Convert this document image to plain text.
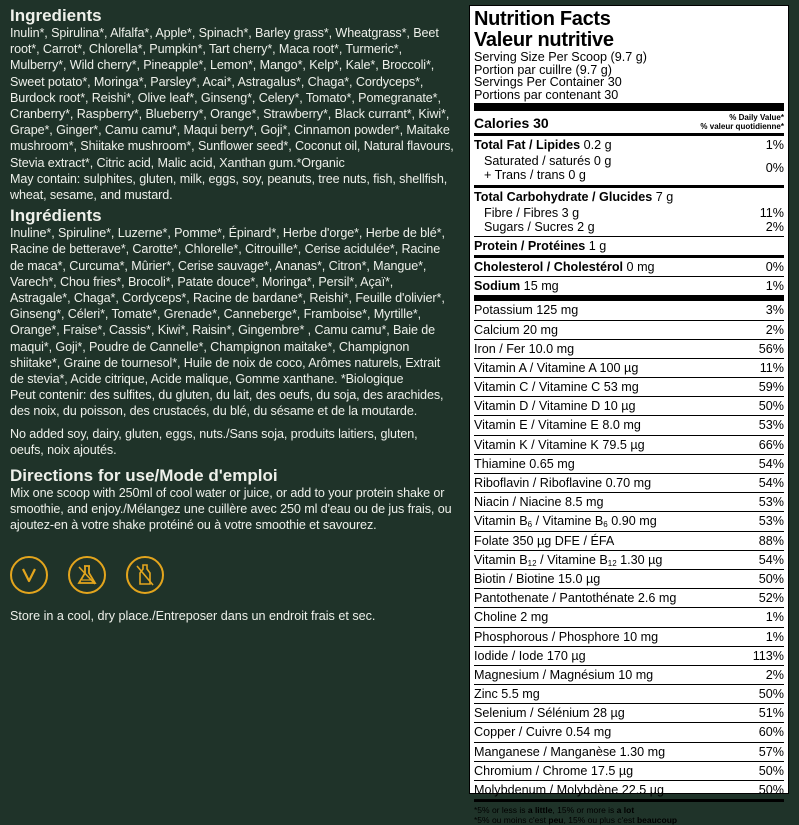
Ingredients

Inulin*, Spirulina*, Alfalfa*, Apple*, Spinach*, Barley grass*, Wheatgrass*, Beet root*, Carrot*, Chlorella*, Pumpkin*, Tart cherry*, Maca root*, Turmeric*, Mulberry*, Wild cherry*, Pineapple*, Lemon*, Mango*, Kelp*, Kale*, Broccoli*, Sweet potato*, Moringa*, Parsley*, Acai*, Astragalus*, Chaga*, Cordyceps*, Burdock root*, Reishi*, Olive leaf*, Ginseng*, Celery*, Tomato*, Pomegranate*, Cranberry*, Raspberry*, Blueberry*, Orange*, Strawberry*, Black currant*, Kiwi*, Grape*, Ginger*, Camu camu*, Maqui berry*, Goji*, Cinnamon powder*, Maitake mushroom*, Shiitake mushroom*, Sunflower seed*, Coconut oil, Natural flavours, Stevia extract*, Citric acid, Malic acid, Xanthan gum.*Organic

May contain: sulphites, gluten, milk, eggs, soy, peanuts, tree nuts, fish, shellfish, wheat, sesame, and mustard.

Ingrédients

Inuline*, Spiruline*, Luzerne*, Pomme*, Épinard*, Herbe d'orge*, Herbe de blé*, Racine de betterave*, Carotte*, Chlorelle*, Citrouille*, Cerise acidulée*, Racine de maca*, Curcuma*, Mûrier*, Cerise sauvage*, Ananas*, Citron*, Mangue*, Varech*, Chou fries*, Brocoli*, Patate douce*, Moringa*, Persil*, Açaï*, Astragale*, Chaga*, Cordyceps*, Racine de bardane*, Reishi*, Feuille d'olivier*, Ginseng*, Céleri*, Tomate*, Grenade*, Canneberge*, Framboise*, Myrtille*, Orange*, Fraise*, Cassis*, Kiwi*, Raisin*, Gingembre* , Camu camu*, Baie de maqui*, Goji*, Poudre de Cannelle*, Champignon maitake*, Champignon shiitake*, Graine de tournesol*, Huile de noix de coco, Arômes naturels, Extrait de stevia*, Acide citrique, Acide malique, Gomme xanthane. *Biologique

Peut contenir: des sulfites, du gluten, du lait, des oeufs, du soja, des arachides, des noix, du poisson, des crustacés, du blé, du sésame et de la moutarde.

No added soy, dairy, gluten, eggs, nuts./Sans soja, produits laitiers, gluten, oeufs, noix ajoutés.

Directions for use/Mode d'emploi

Mix one scoop with 250ml of cool water or juice, or add to your protein shake or smoothie, and enjoy./Mélangez une cuillère avec 250 ml d'eau ou de jus frais, ou ajoutez-en à votre shake protéiné ou à votre smoothie et savourez.

Store in a cool, dry place./Entreposer dans un endroit frais et sec.
Nutrition Facts
Valeur nutritive
Serving Size Per Scoop (9.7 g)
Portion par cuillre (9.7 g)
Servings Per Container 30
Portions par contenant 30
Calories 30	% Daily Value*
% valeur quotidienne*
Total Fat / Lipides 0.2 g	1%
Saturated / saturés 0 g
+ Trans / trans 0 g	0%
Total Carbohydrate / Glucides 7 g
Fibre / Fibres 3 g	11%
Sugars / Sucres 2 g	2%
Protein / Protéines 1 g
Cholesterol / Cholestérol 0 mg	0%
Sodium 15 mg	1%
Potassium 125 mg	3%
Calcium 20 mg	2%
Iron / Fer 10.0 mg	56%
Vitamin A / Vitamine A 100 µg	11%
Vitamin C / Vitamine C 53 mg	59%
Vitamin D / Vitamine D 10 µg	50%
Vitamin E / Vitamine E 8.0 mg	53%
Vitamin K / Vitamine K 79.5 µg	66%
Thiamine 0.65 mg	54%
Riboflavin / Riboflavine 0.70 mg	54%
Niacin / Niacine 8.5 mg	53%
Vitamin $B_6$ / Vitamine $B_6$ 0.90 mg	53%
Folate 350 µg DFE / ÉFA	88%
Vitamin $B_{12}$ / Vitamine $B_{12}$ 1.30 µg	54%
Biotin / Biotine 15.0 µg	50%
Pantothenate / Pantothénate 2.6 mg	52%
Choline 2 mg	1%
Phosphorous / Phosphore 10 mg	1%
Iodide / Iode 170 µg	113%
Magnesium / Magnésium 10 mg	2%
Zinc 5.5 mg	50%
Selenium / Sélénium 28 µg	51%
Copper / Cuivre 0.54 mg	60%
Manganese / Manganèse 1.30 mg	57%
Chromium / Chrome 17.5 µg	50%
Molybdenum / Molybdène 22.5 µg	50%
*5% or less is a little, 15% or more is a lot
*5% ou moins c'est peu, 15% ou plus c'est beaucoup
